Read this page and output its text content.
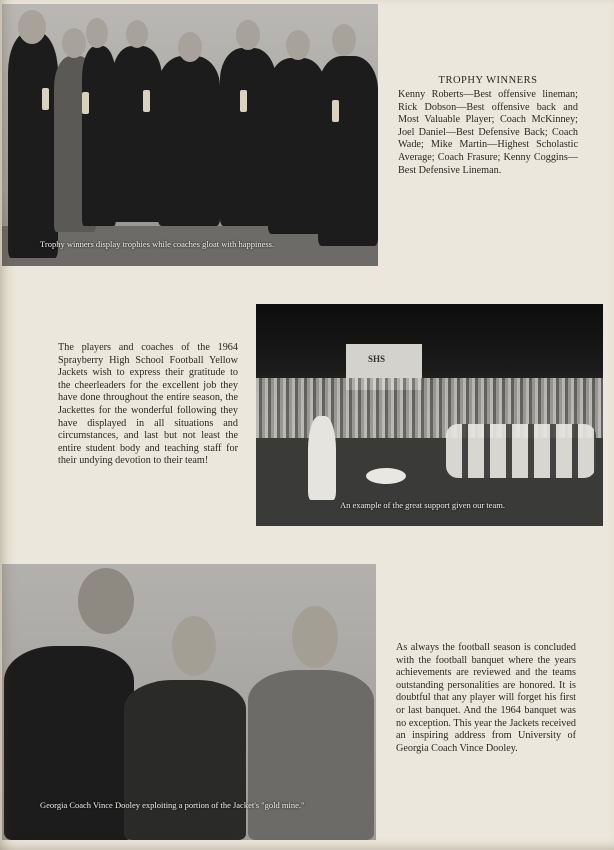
Trophy winners display trophies while coaches gloat with happiness.
TROPHY WINNERS
Kenny Roberts—Best offensive lineman; Rick Dobson—Best offensive back and Most Valuable Player; Coach McKinney; Joel Daniel—Best Defensive Back; Coach Wade; Mike Martin—Highest Scholastic Average; Coach Frasure; Kenny Coggins—Best Defensive Lineman.
SHS
An example of the great support given our team.
The players and coaches of the 1964 Sprayberry High School Football Yellow Jackets wish to express their gratitude to the cheerleaders for the excellent job they have done throughout the entire season, the Jackettes for the wonderful following they have displayed in all situations and circumstances, and last but not least the entire student body and teaching staff for their undying devotion to their team!
Georgia Coach Vince Dooley exploiting a portion of the Jacket's "gold mine."
As always the football season is concluded with the football banquet where the years achievements are reviewed and the teams outstanding personalities are honored. It is doubtful that any player will forget his first or last banquet. And the 1964 banquet was no exception. This year the Jackets received an inspiring address from University of Georgia Coach Vince Dooley.
